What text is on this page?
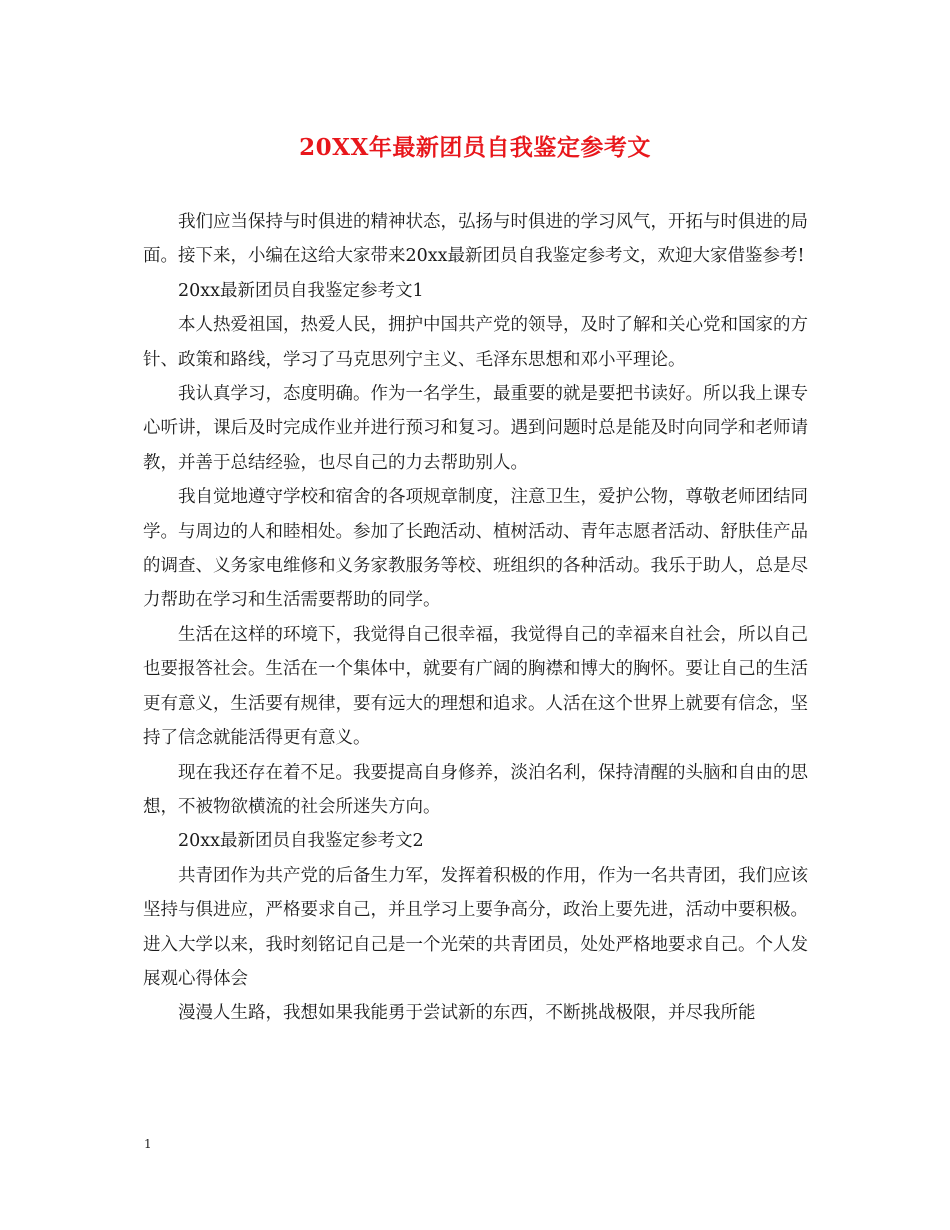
20XX年最新团员自我鉴定参考文

我们应当保持与时俱进的精神状态，弘扬与时俱进的学习风气，开拓与时俱进的局面。接下来，小编在这给大家带来20xx最新团员自我鉴定参考文，欢迎大家借鉴参考!

20xx最新团员自我鉴定参考文1

本人热爱祖国，热爱人民，拥护中国共产党的领导，及时了解和关心党和国家的方针、政策和路线，学习了马克思列宁主义、毛泽东思想和邓小平理论。

我认真学习，态度明确。作为一名学生，最重要的就是要把书读好。所以我上课专心听讲，课后及时完成作业并进行预习和复习。遇到问题时总是能及时向同学和老师请教，并善于总结经验，也尽自己的力去帮助别人。

我自觉地遵守学校和宿舍的各项规章制度，注意卫生，爱护公物，尊敬老师团结同学。与周边的人和睦相处。参加了长跑活动、植树活动、青年志愿者活动、舒肤佳产品的调查、义务家电维修和义务家教服务等校、班组织的各种活动。我乐于助人，总是尽力帮助在学习和生活需要帮助的同学。

生活在这样的环境下，我觉得自己很幸福，我觉得自己的幸福来自社会，所以自己也要报答社会。生活在一个集体中，就要有广阔的胸襟和博大的胸怀。要让自己的生活更有意义，生活要有规律，要有远大的理想和追求。人活在这个世界上就要有信念，坚持了信念就能活得更有意义。

现在我还存在着不足。我要提高自身修养，淡泊名利，保持清醒的头脑和自由的思想，不被物欲横流的社会所迷失方向。

20xx最新团员自我鉴定参考文2

共青团作为共产党的后备生力军，发挥着积极的作用，作为一名共青团，我们应该坚持与俱进应，严格要求自己，并且学习上要争高分，政治上要先进，活动中要积极。进入大学以来，我时刻铭记自己是一个光荣的共青团员，处处严格地要求自己。个人发展观心得体会

漫漫人生路，我想如果我能勇于尝试新的东西，不断挑战极限，并尽我所能

1
